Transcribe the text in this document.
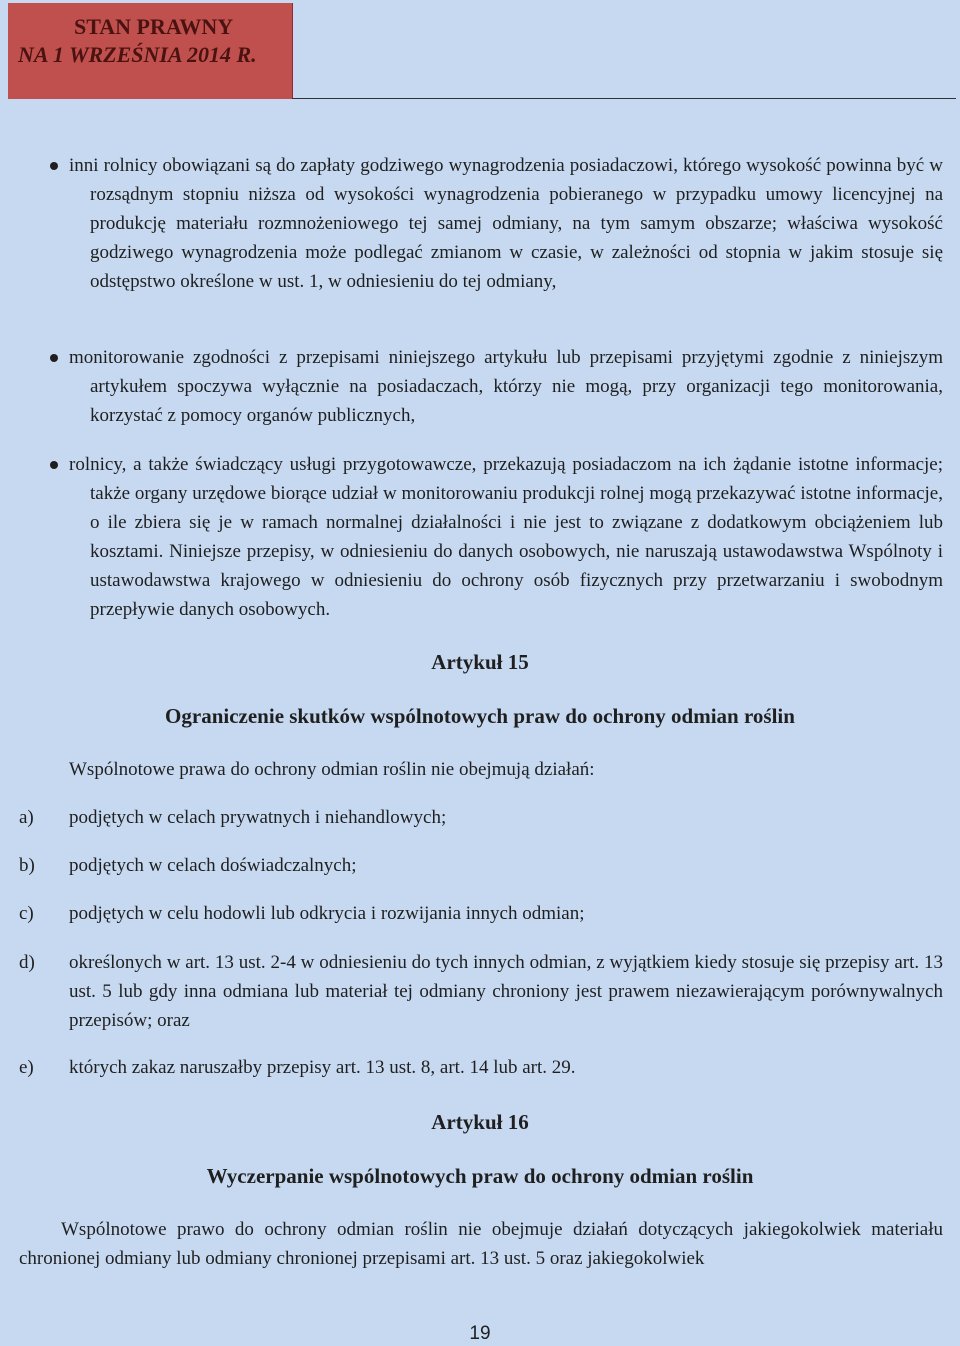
STAN PRAWNY
NA 1 WRZEŚNIA 2014 R.
inni rolnicy obowiązani są do zapłaty godziwego wynagrodzenia posiadaczowi, którego wysokość powinna być w rozsądnym stopniu niższa od wysokości wynagrodzenia pobieranego w przypadku umowy licencyjnej na produkcję materiału rozmnożeniowego tej samej odmiany, na tym samym obszarze; właściwa wysokość godziwego wynagrodzenia może podlegać zmianom w czasie, w zależności od stopnia w jakim stosuje się odstępstwo określone w ust. 1, w odniesieniu do tej odmiany,
monitorowanie zgodności z przepisami niniejszego artykułu lub przepisami przyjętymi zgodnie z niniejszym artykułem spoczywa wyłącznie na posiadaczach, którzy nie mogą, przy organizacji tego monitorowania, korzystać z pomocy organów publicznych,
rolnicy, a także świadczący usługi przygotowawcze, przekazują posiadaczom na ich żądanie istotne informacje; także organy urzędowe biorące udział w monitorowaniu produkcji rolnej mogą przekazywać istotne informacje, o ile zbiera się je w ramach normalnej działalności i nie jest to związane z dodatkowym obciążeniem lub kosztami. Niniejsze przepisy, w odniesieniu do danych osobowych, nie naruszają ustawodawstwa Wspólnoty i ustawodawstwa krajowego w odniesieniu do ochrony osób fizycznych przy przetwarzaniu i swobodnym przepływie danych osobowych.
Artykuł 15
Ograniczenie skutków wspólnotowych praw do ochrony odmian roślin
Wspólnotowe prawa do ochrony odmian roślin nie obejmują działań:
a) podjętych w celach prywatnych i niehandlowych;
b) podjętych w celach doświadczalnych;
c) podjętych w celu hodowli lub odkrycia i rozwijania innych odmian;
d) określonych w art. 13 ust. 2-4 w odniesieniu do tych innych odmian, z wyjątkiem kiedy stosuje się przepisy art. 13 ust. 5 lub gdy inna odmiana lub materiał tej odmiany chroniony jest prawem niezawierającym porównywalnych przepisów; oraz
e) których zakaz naruszałby przepisy art. 13 ust. 8, art. 14 lub art. 29.
Artykuł 16
Wyczerpanie wspólnotowych praw do ochrony odmian roślin
Wspólnotowe prawo do ochrony odmian roślin nie obejmuje działań dotyczących jakiegokolwiek materiału chronionej odmiany lub odmiany chronionej przepisami art. 13 ust. 5 oraz jakiegokolwiek
19
